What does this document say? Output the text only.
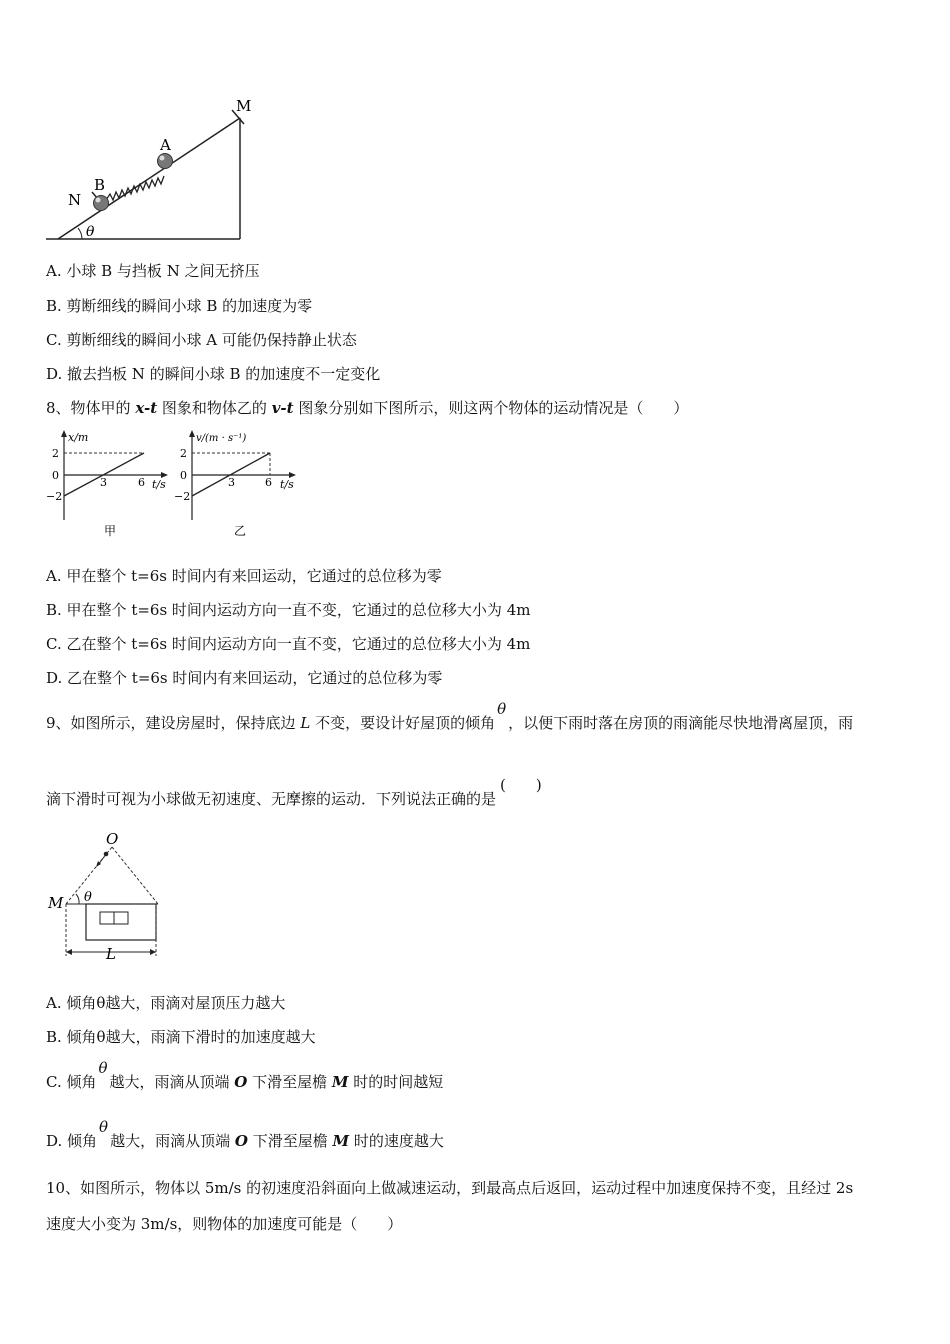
M
A
B
N
θ
A. 小球 B 与挡板 N 之间无挤压
B. 剪断细线的瞬间小球 B 的加速度为零
C. 剪断细线的瞬间小球 A 可能仍保持静止状态
D. 撤去挡板 N 的瞬间小球 B 的加速度不一定变化
8、物体甲的 x-t 图象和物体乙的 v-t 图象分别如下图所示，则这两个物体的运动情况是（　　）
x/m
2
0
−2
3	6 t/s
甲
v/(m · s⁻¹)
2
0
−2
3	6 t/s
乙
A. 甲在整个 t=6s 时间内有来回运动，它通过的总位移为零
B. 甲在整个 t=6s 时间内运动方向一直不变，它通过的总位移大小为 4m
C. 乙在整个 t=6s 时间内运动方向一直不变，它通过的总位移大小为 4m
D. 乙在整个 t=6s 时间内有来回运动，它通过的总位移为零
9、如图所示，建设房屋时，保持底边 L 不变，要设计好屋顶的倾角θ，以便下雨时落在房顶的雨滴能尽快地滑离屋顶，雨
滴下滑时可视为小球做无初速度、无摩擦的运动．下列说法正确的是(　　)
O
M θ
L
A. 倾角θ越大，雨滴对屋顶压力越大
B. 倾角θ越大，雨滴下滑时的加速度越大
C. 倾角θ越大，雨滴从顶端 O 下滑至屋檐 M 时的时间越短
D. 倾角θ越大，雨滴从顶端 O 下滑至屋檐 M 时的速度越大
10、如图所示，物体以 5m/s 的初速度沿斜面向上做减速运动，到最高点后返回，运动过程中加速度保持不变，且经过 2s
速度大小变为 3m/s，则物体的加速度可能是（　　）
